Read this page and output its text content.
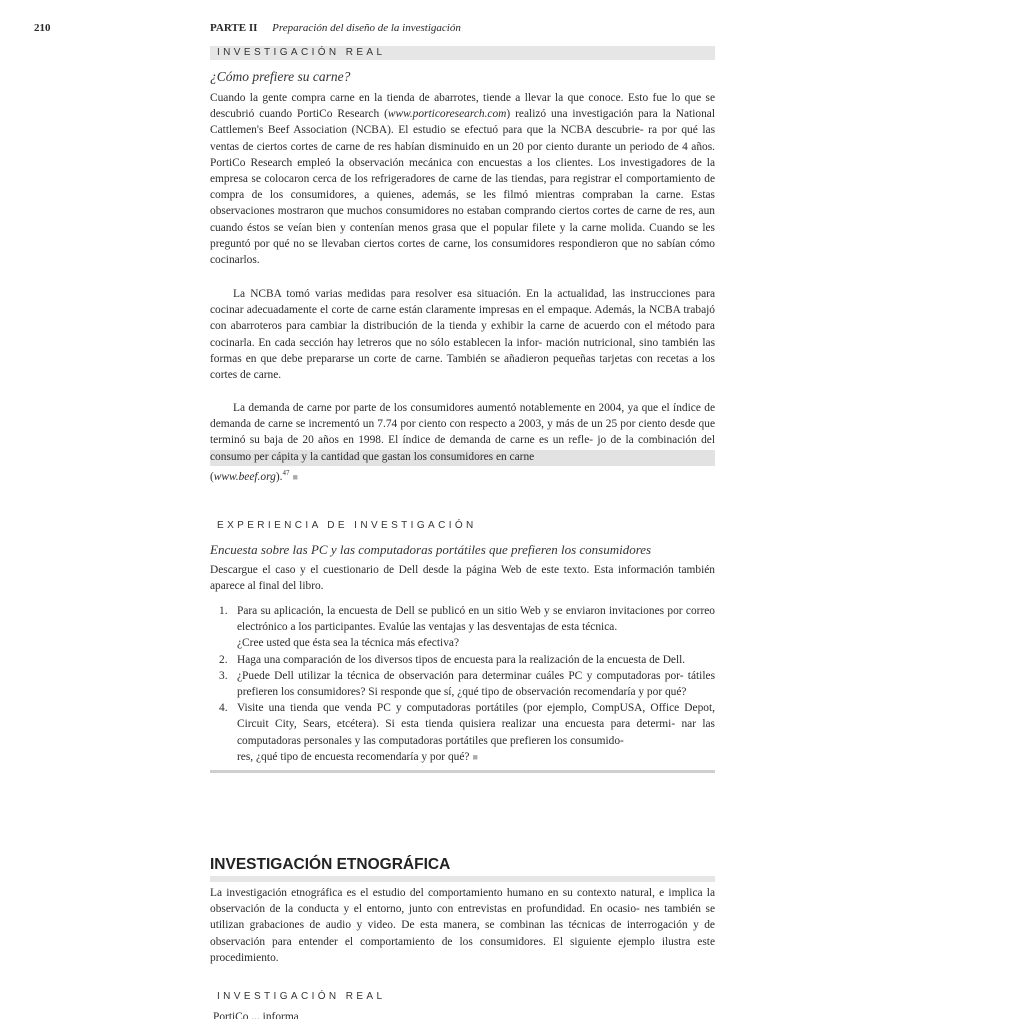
210	PARTE II Preparación del diseño de la investigación
INVESTIGACIÓN REAL
¿Cómo prefiere su carne?

Cuando la gente compra carne en la tienda de abarrotes, tiende a llevar la que conoce. Esto fue lo que se descubrió cuando PortiCo Research (www.porticoresearch.com) realizó una investigación para la National Cattlemen's Beef Association (NCBA). El estudio se efectuó para que la NCBA descubrie- ra por qué las ventas de ciertos cortes de carne de res habían disminuido en un 20 por ciento durante un periodo de 4 años. PortiCo Research empleó la observación mecánica con encuestas a los clientes. Los investigadores de la empresa se colocaron cerca de los refrigeradores de carne de las tiendas, para registrar el comportamiento de compra de los consumidores, a quienes, además, se les filmó mientras compraban la carne. Estas observaciones mostraron que muchos consumidores no estaban comprando ciertos cortes de carne de res, aun cuando éstos se veían bien y contenían menos grasa que el popular filete y la carne molida. Cuando se les preguntó por qué no se llevaban ciertos cortes de carne, los consumidores respondieron que no sabían cómo cocinarlos.

La NCBA tomó varias medidas para resolver esa situación. En la actualidad, las instrucciones para cocinar adecuadamente el corte de carne están claramente impresas en el empaque. Además, la NCBA trabajó con abarroteros para cambiar la distribución de la tienda y exhibir la carne de acuerdo con el método para cocinarla. En cada sección hay letreros que no sólo establecen la infor- mación nutricional, sino también las formas en que debe prepararse un corte de carne. También se añadieron pequeñas tarjetas con recetas a los cortes de carne.

La demanda de carne por parte de los consumidores aumentó notablemente en 2004, ya que el índice de demanda de carne se incrementó un 7.74 por ciento con respecto a 2003, y más de un 25 por ciento desde que terminó su baja de 20 años en 1998. El índice de demanda de carne es un refle- jo de la combinación del consumo per cápita y la cantidad que gastan los consumidores en carne
(www.beef.org).$^{47}$ ■

EXPERIENCIA DE INVESTIGACIÓN
Encuesta sobre las PC y las computadoras portátiles que prefieren los consumidores

Descargue el caso y el cuestionario de Dell desde la página Web de este texto. Esta información también aparece al final del libro.

1. Para su aplicación, la encuesta de Dell se publicó en un sitio Web y se enviaron invitaciones por correo electrónico a los participantes. Evalúe las ventajas y las desventajas de esta técnica.
¿Cree usted que ésta sea la técnica más efectiva?
2. Haga una comparación de los diversos tipos de encuesta para la realización de la encuesta de Dell.
3. ¿Puede Dell utilizar la técnica de observación para determinar cuáles PC y computadoras por- tátiles prefieren los consumidores? Si responde que sí, ¿qué tipo de observación recomendaría y por qué?
4. Visite una tienda que venda PC y computadoras portátiles (por ejemplo, CompUSA, Office Depot, Circuit City, Sears, etcétera). Si esta tienda quisiera realizar una encuesta para determi- nar las computadoras personales y las computadoras portátiles que prefieren los consumido-
res, ¿qué tipo de encuesta recomendaría y por qué? ■
INVESTIGACIÓN ETNOGRÁFICA

La investigación etnográfica es el estudio del comportamiento humano en su contexto natural, e implica la observación de la conducta y el entorno, junto con entrevistas en profundidad. En ocasio- nes también se utilizan grabaciones de audio y video. De esta manera, se combinan las técnicas de interrogación y de observación para entender el comportamiento de los consumidores. El siguiente ejemplo ilustra este procedimiento.

INVESTIGACIÓN REAL
PortiCo ... informa
